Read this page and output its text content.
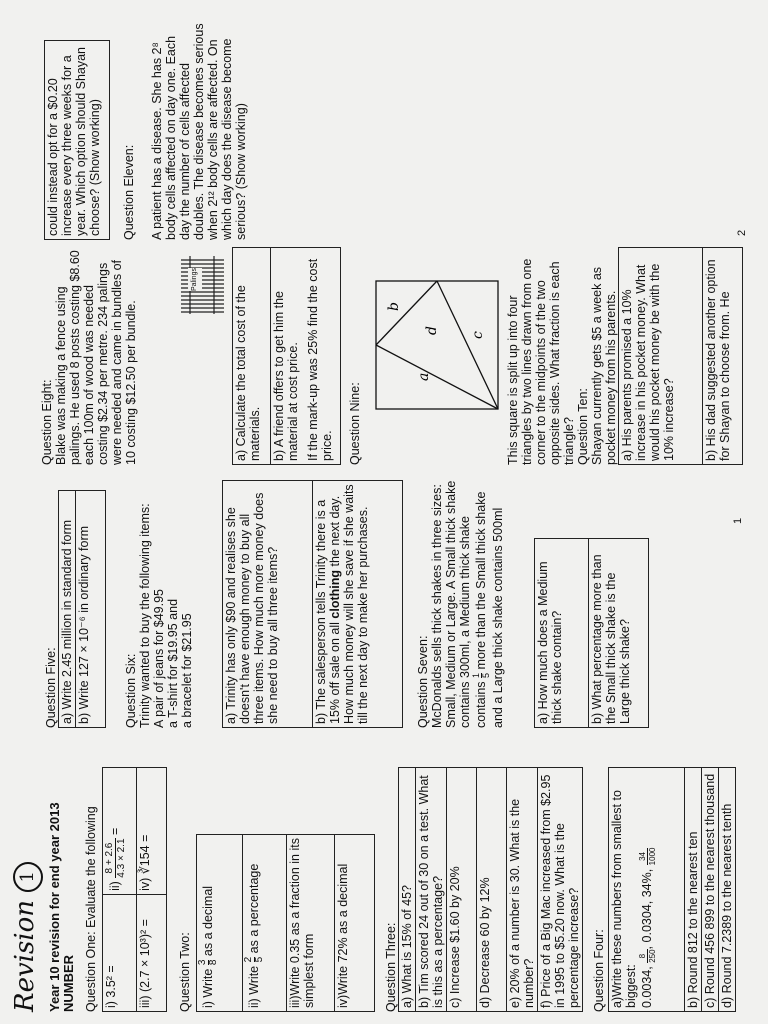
Revision 1 Year 10 revision for end year 2013 NUMBER Question One: Evaluate the following i) 3.5² =	ii)
8 + 2.6 4.3 × 2.1
=
iii) (2.7 × 10³)² =	iv) ∛154 =
Question Two: i) Write
3 8
as a decimal
ii) Write
2 5
as a percentage
iii)Write 0.35 as a fraction in its simplest form
iv)Write 72% as a decimal	Question Three: a) What is 15% of 45?
b) Tim scored 24 out of 30 on a test. What is this as a percentage?
c) Increase $1.60 by 20%
d) Decrease 60 by 12%
e) 20% of a number is 30. What is the number?
f) Price of a Big Mac increased from $2.95 in 1995 to $5.20 now. What is the percentage increase? Question Four: a)Write these numbers from smallest to biggest: 0.0034,
8 250
, 0.0304, 34%,
34 1000

b) Round 812 to the nearest ten
c) Round 456 899 to the nearest thousand
d) Round 7.2389 to the nearest tenth
Question Five: a) Write 2.45 million in standard form
b) Write 127 × 10⁻⁶ in ordinary form	Question Six:
Trinity wanted to buy the following items:
A pair of jeans for $49.95
a T-shirt for $19.95 and
a bracelet for $21.95 a) Trinity has only $90 and realises she doesn't have enough money to buy all three items. How much more money does she need to buy all three items?
b) The salesperson tells Trinity there is a 15% off sale on all clothing the next day. How much money will she save if she waits till the next day to make her purchases.	Question Seven:
McDonalds sells thick shakes in three sizes: Small, Medium or Large. A Small thick shake contains 300ml, a Medium thick shake contains
1 5
more than the Small thick shake and a Large thick shake contains 500ml a) How much does a Medium thick shake contain?
b) What percentage more than the Small thick shake is the Large thick shake?
1
Question Eight:
Blake was making a fence using palings. He used 8 posts costing $8.60 each 100m of wood was needed costing $2.34 per metre. 234 palings were needed and came in bundles of 10 costing $12.50 per bundle.
Palings
a) Calculate the total cost of the materials.

b) A friend offers to get him the material at cost price. If the mark-up was 25% find the cost price. Question Nine:
a
b
c
d	This square is split up into four triangles by two lines drawn from one corner to the midpoints of the two opposite sides. What fraction is each triangle? Question Ten:
Shayan currently gets $5 a week as pocket money from his parents. a) His parents promised a 10% increase in his pocket money. What would his pocket money be with the 10% increase?
b) His dad suggested another option for Shayan to choose from. He
could instead opt for a $0.20 increase every three weeks for a year. Which option should Shayan choose? (Show working)	Question Eleven: A patient has a disease. She has 2⁸ body cells affected on day one. Each day the number of cells affected doubles. The disease becomes serious when 2¹² body cells are affected. On which day does the disease become serious? (Show working)	2
